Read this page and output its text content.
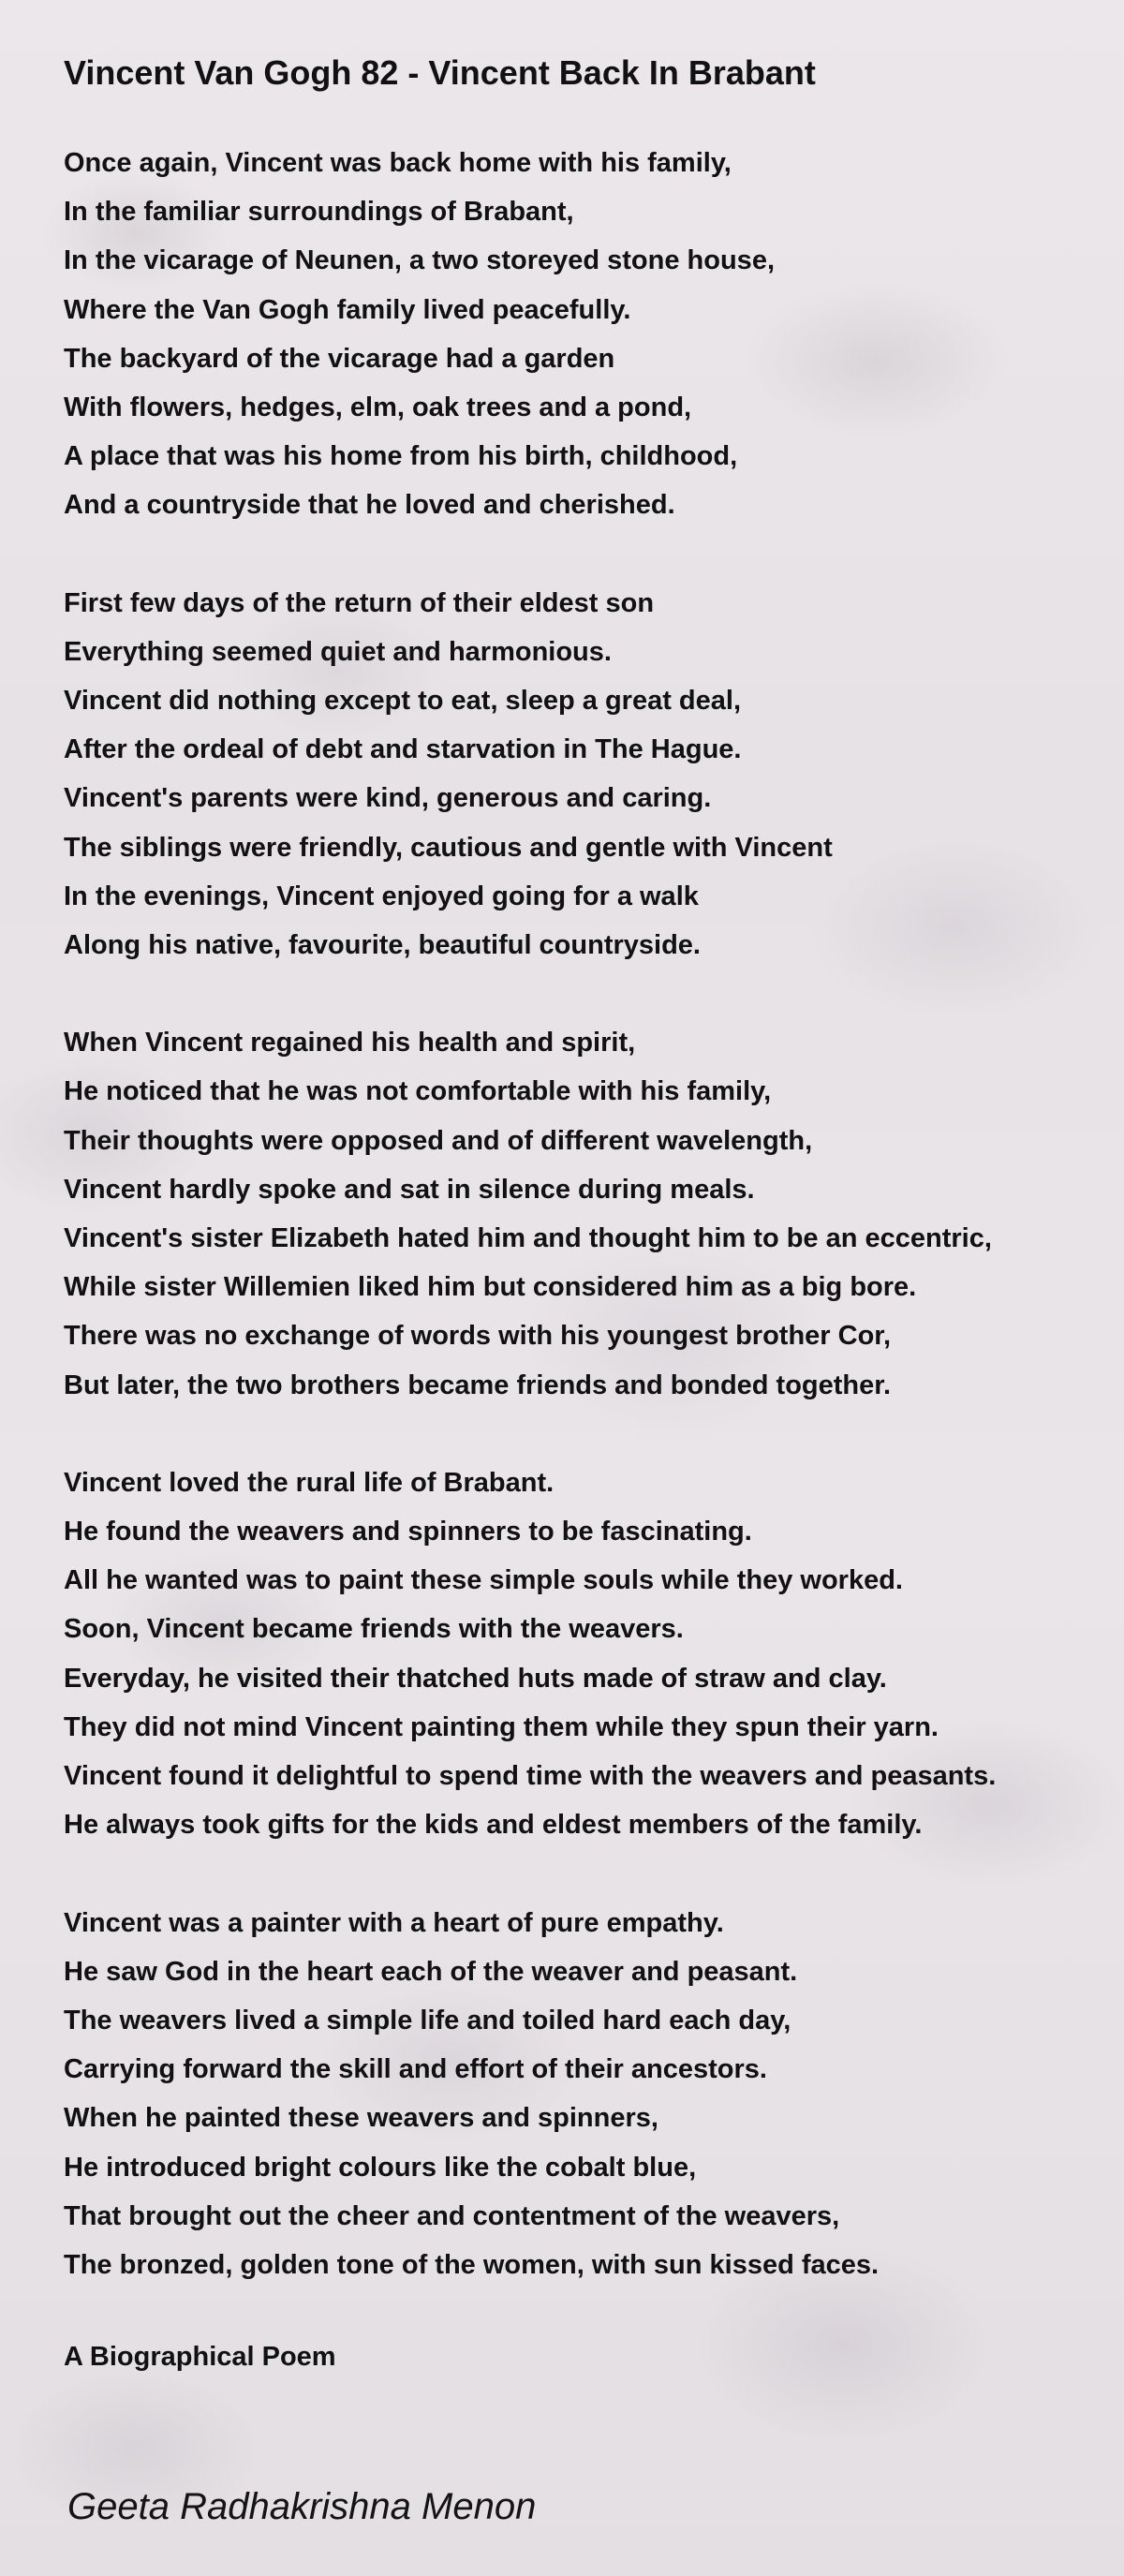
Vincent Van Gogh 82 - Vincent Back In Brabant
Once again, Vincent was back home with his family,
In the familiar surroundings of Brabant,
In the vicarage of Neunen, a two storeyed stone house,
Where the Van Gogh family lived peacefully.
The backyard of the vicarage had a garden
With flowers, hedges, elm, oak trees and a pond,
A place that was his home from his birth, childhood,
And a countryside that he loved and cherished.
First few days of the return of their eldest son
Everything seemed quiet and harmonious.
Vincent did nothing except to eat, sleep a great deal,
After the ordeal of debt and starvation in The Hague.
Vincent's parents were kind, generous and caring.
The siblings were friendly, cautious and gentle with Vincent
In the evenings, Vincent enjoyed going for a walk
Along his native, favourite, beautiful countryside.
When Vincent regained his health and spirit,
He noticed that he was not comfortable with his family,
Their thoughts were opposed and of different wavelength,
Vincent hardly spoke and sat in silence during meals.
Vincent's sister Elizabeth hated him and thought him to be an eccentric,
While sister Willemien liked him but considered him as a big bore.
There was no exchange of words with his youngest brother Cor,
But later, the two brothers became friends and bonded together.
Vincent loved the rural life of Brabant.
He found the weavers and spinners to be fascinating.
All he wanted was to paint these simple souls while they worked.
Soon, Vincent became friends with the weavers.
Everyday, he visited their thatched huts made of straw and clay.
They did not mind Vincent painting them while they spun their yarn.
Vincent found it delightful to spend time with the weavers and peasants.
He always took gifts for the kids and eldest members of the family.
Vincent was a painter with a heart of pure empathy.
He saw God in the heart each of the weaver and peasant.
The weavers lived a simple life and toiled hard each day,
Carrying forward the skill and effort of their ancestors.
When he painted these weavers and spinners,
He introduced bright colours like the cobalt blue,
That brought out the cheer and contentment of the weavers,
The bronzed, golden tone of the women, with sun kissed faces.
A Biographical Poem
Geeta Radhakrishna Menon
